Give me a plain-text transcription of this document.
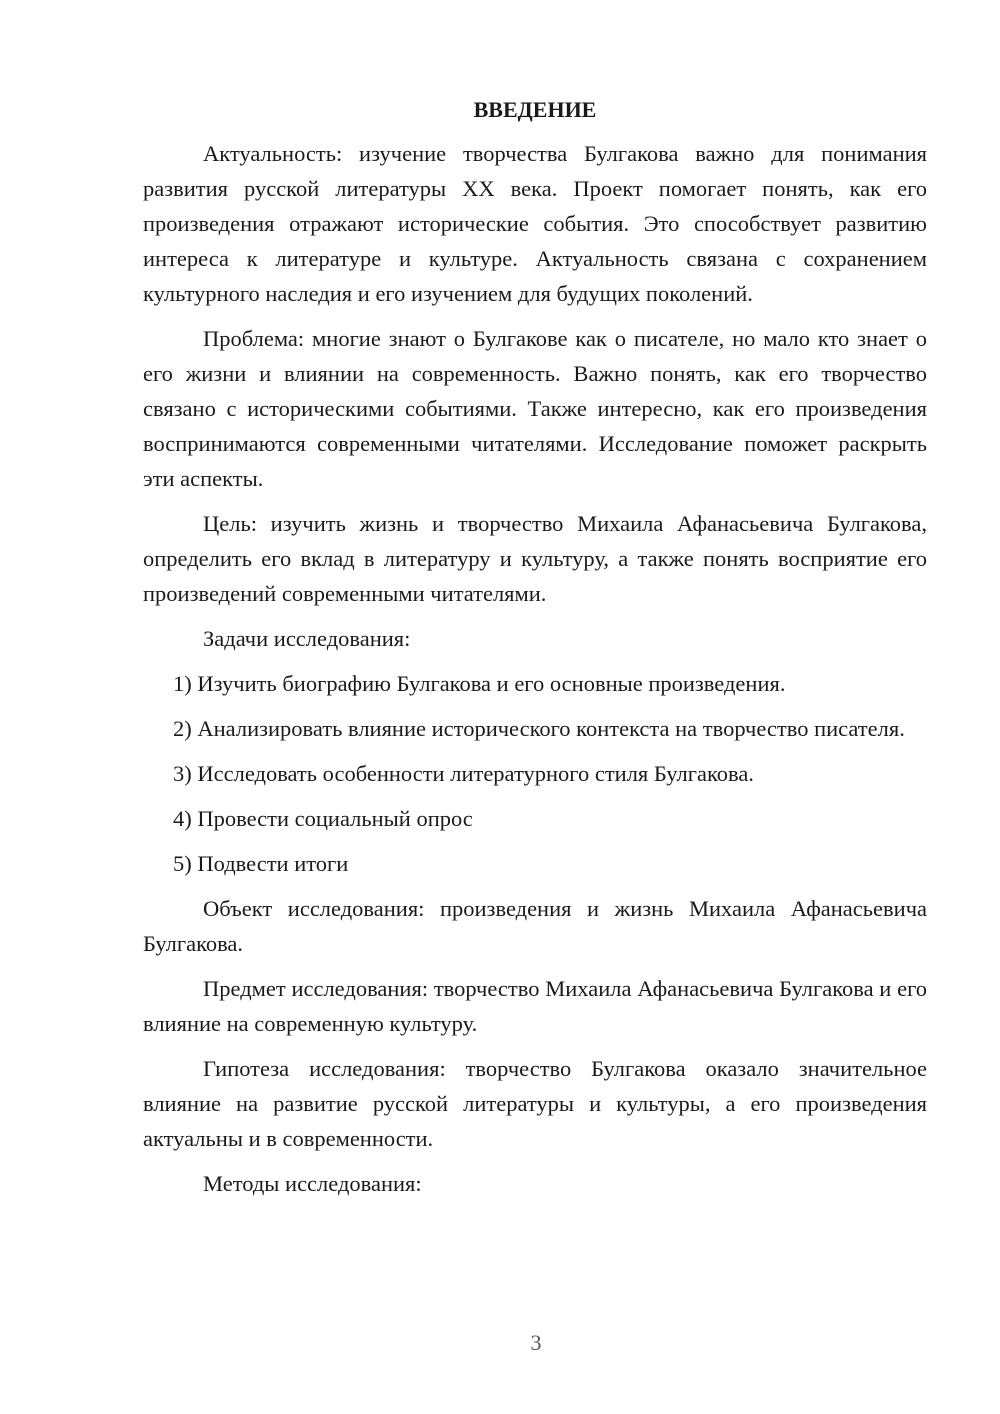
ВВЕДЕНИЕ

Актуальность: изучение творчества Булгакова важно для понимания развития русской литературы XX века. Проект помогает понять, как его произведения отражают исторические события. Это способствует развитию интереса к литературе и культуре. Актуальность связана с сохранением культурного наследия и его изучением для будущих поколений.

Проблема: многие знают о Булгакове как о писателе, но мало кто знает о его жизни и влиянии на современность. Важно понять, как его творчество связано с историческими событиями. Также интересно, как его произведения воспринимаются современными читателями. Исследование поможет раскрыть эти аспекты.

Цель: изучить жизнь и творчество Михаила Афанасьевича Булгакова, определить его вклад в литературу и культуру, а также понять восприятие его произведений современными читателями.

Задачи исследования:

1) Изучить биографию Булгакова и его основные произведения.

2) Анализировать влияние исторического контекста на творчество писателя.

3) Исследовать особенности литературного стиля Булгакова.

4) Провести социальный опрос

5) Подвести итоги

Объект исследования: произведения и жизнь Михаила Афанасьевича Булгакова.

Предмет исследования: творчество Михаила Афанасьевича Булгакова и его влияние на современную культуру.

Гипотеза исследования: творчество Булгакова оказало значительное влияние на развитие русской литературы и культуры, а его произведения актуальны и в современности.

Методы исследования:

3
